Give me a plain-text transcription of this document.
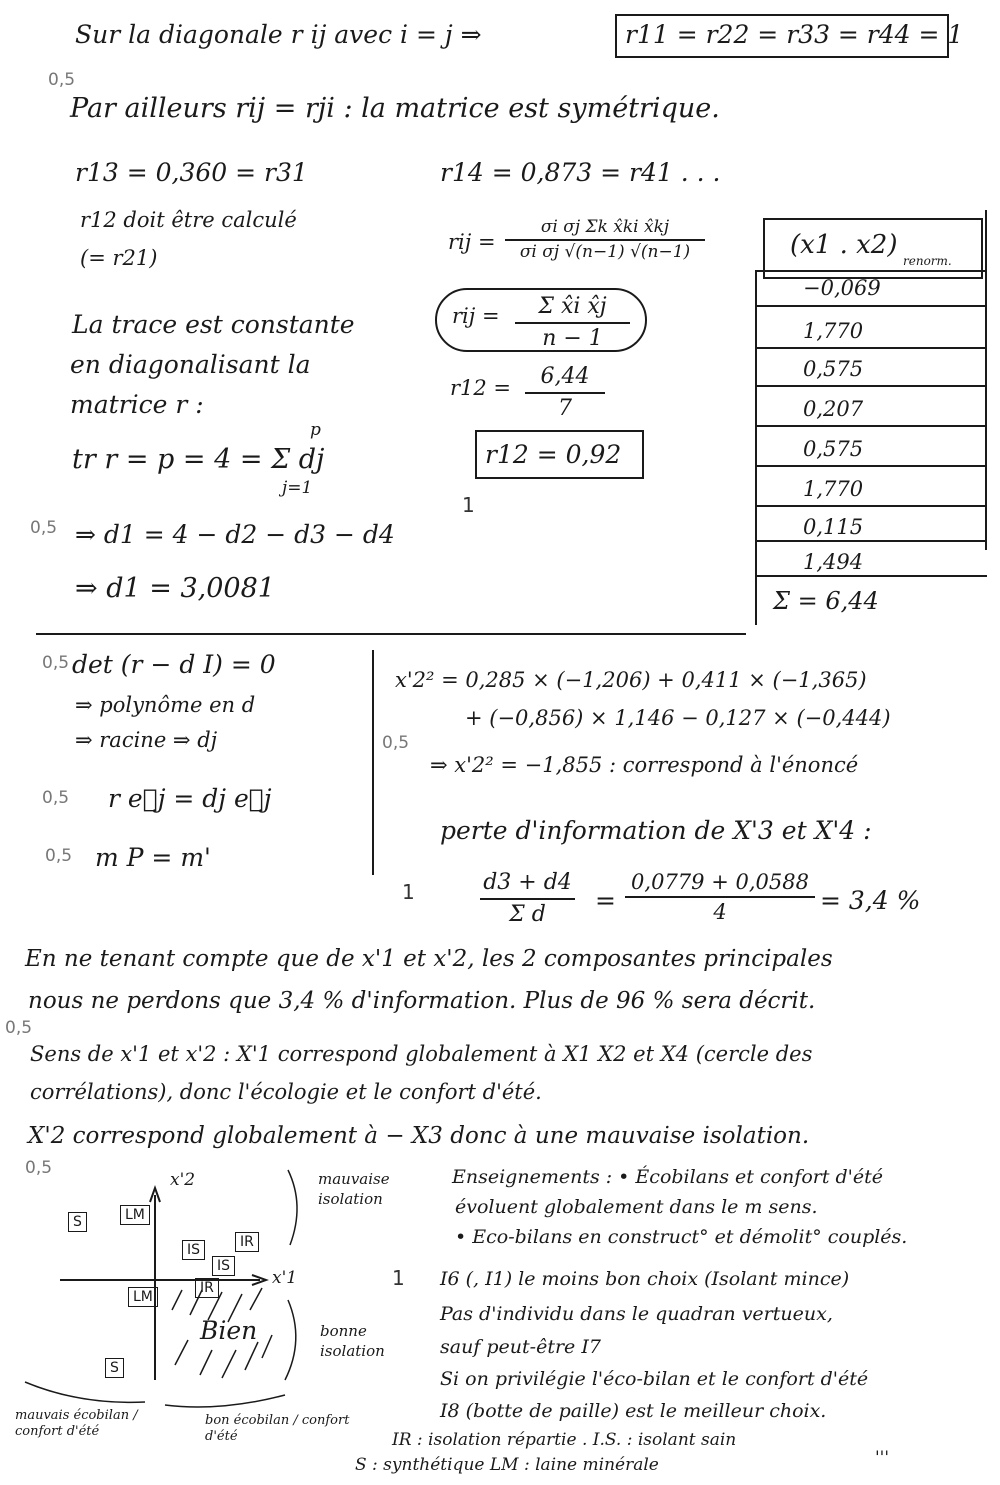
Sur la diagonale r ij avec i = j ⇒	r11 = r22 = r33 = r44 = 1
0,5
Par ailleurs rij = rji : la matrice est symétrique.
r13 = 0,360 = r31	r14 = 0,873 = r41 . . .
r12 doit être calculé
(= r21)
La trace est constante
en diagonalisant la
matrice r :
p
tr r = p = 4 = Σ dj
j=1
0,5 ⇒ d1 = 4 − d2 − d3 − d4
⇒ d1 = 3,0081
rij = $\frac{\text{σi σj Σk x̂ki x̂kj}}{\text{σi σj √(n−1) √(n−1)}}$
rij = $\frac{\text{Σ x̂i x̂j}}{n - 1}$
$r12 = \frac{6,44}{7}$
r12 = 0,92
1
(x1 . x2)
renorm.
−0,069
1,770
0,575
0,207
0,575
1,770
0,115
1,494
Σ = 6,44
0,5 det (r − d I) = 0
⇒ polynôme en d
⇒ racine ⇒ dj
0,5 r e⃗j = dj e⃗j
0,5 m P = m'
x'2² = 0,285 × (−1,206) + 0,411 × (−1,365)
+ (−0,856) × 1,146 − 0,127 × (−0,444)
0,5
⇒ x'2² = −1,855 : correspond à l'énoncé
perte d'information de X'3 et X'4 :
1	$\frac{d3 + d4}{\text{Σ d}} = \frac{0,0779 + 0,0588}{4} = 3,4$ %
En ne tenant compte que de x'1 et x'2, les 2 composantes principales
nous ne perdons que 3,4 % d'information. Plus de 96 % sera décrit.
0,5
Sens de x'1 et x'2 : X'1 correspond globalement à X1 X2 et X4 (cercle des
corrélations), donc l'écologie et le confort d'été.
X'2 correspond globalement à − X3 donc à une mauvaise isolation.
0,5
x'2
x'1
mauvaise isolation
bonne isolation
mauvais écobilan / confort d'été
bon écobilan / confort d'été
Bien
S	LM
IS	IR
IS
LM
IR
S
1
Enseignements : • Écobilans et confort d'été
évoluent globalement dans le m sens.
• Eco-bilans en construct° et démolit° couplés.
I6 (, I1) le moins bon choix (Isolant mince)
Pas d'individu dans le quadran vertueux,
sauf peut-être I7
Si on privilégie l'éco-bilan et le confort d'été
I8 (botte de paille) est le meilleur choix.
IR : isolation répartie . I.S. : isolant sain
S : synthétique LM : laine minérale	'''
